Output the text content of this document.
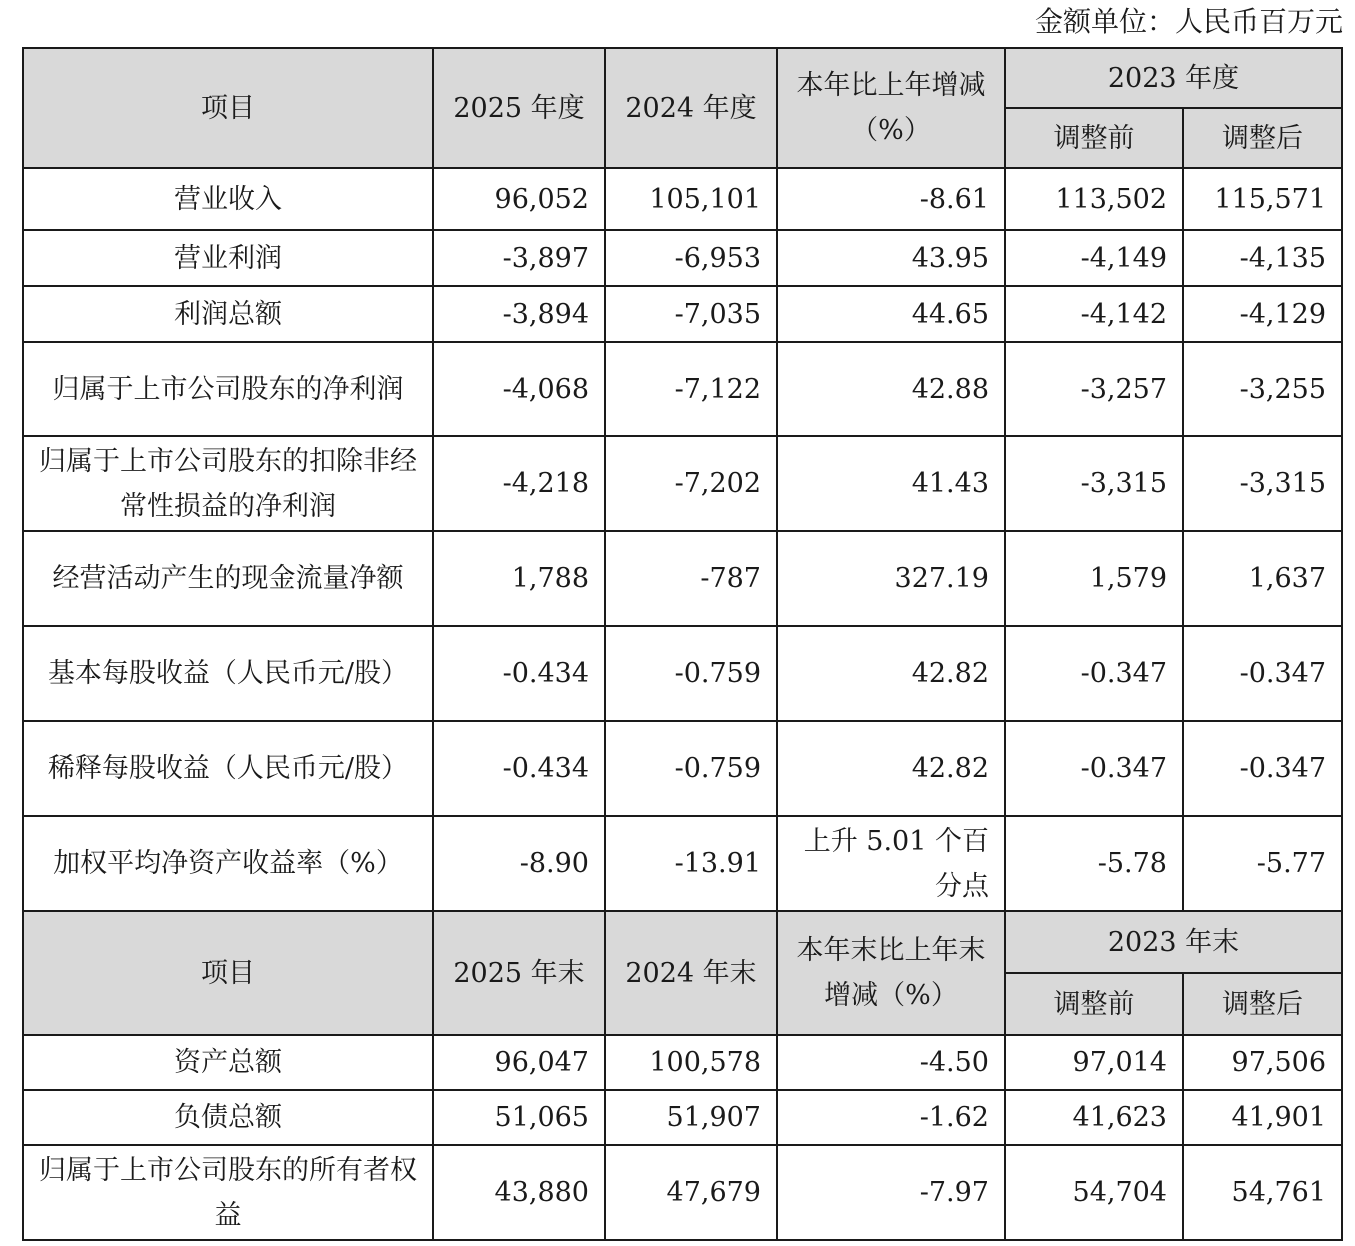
金额单位：人民币百万元
项目	2025 年度	2024 年度	本年比上年增减（%）	2023 年度	
				调整前	调整后
营业收入	96,052	105,101	-8.61	113,502	115,571
营业利润	-3,897	-6,953	43.95	-4,149	-4,135
利润总额	-3,894	-7,035	44.65	-4,142	-4,129
归属于上市公司股东的净利润	-4,068	-7,122	42.88	-3,257	-3,255
归属于上市公司股东的扣除非经常性损益的净利润	-4,218	-7,202	41.43	-3,315	-3,315
经营活动产生的现金流量净额	1,788	-787	327.19	1,579	1,637
基本每股收益（人民币元/股）	-0.434	-0.759	42.82	-0.347	-0.347
稀释每股收益（人民币元/股）	-0.434	-0.759	42.82	-0.347	-0.347
加权平均净资产收益率（%）	-8.90	-13.91	上升 5.01 个百分点	-5.78	-5.77
项目	2025 年末	2024 年末	本年末比上年末增减（%）	2023 年末	
				调整前	调整后
资产总额	96,047	100,578	-4.50	97,014	97,506
负债总额	51,065	51,907	-1.62	41,623	41,901
归属于上市公司股东的所有者权益	43,880	47,679	-7.97	54,704	54,761
